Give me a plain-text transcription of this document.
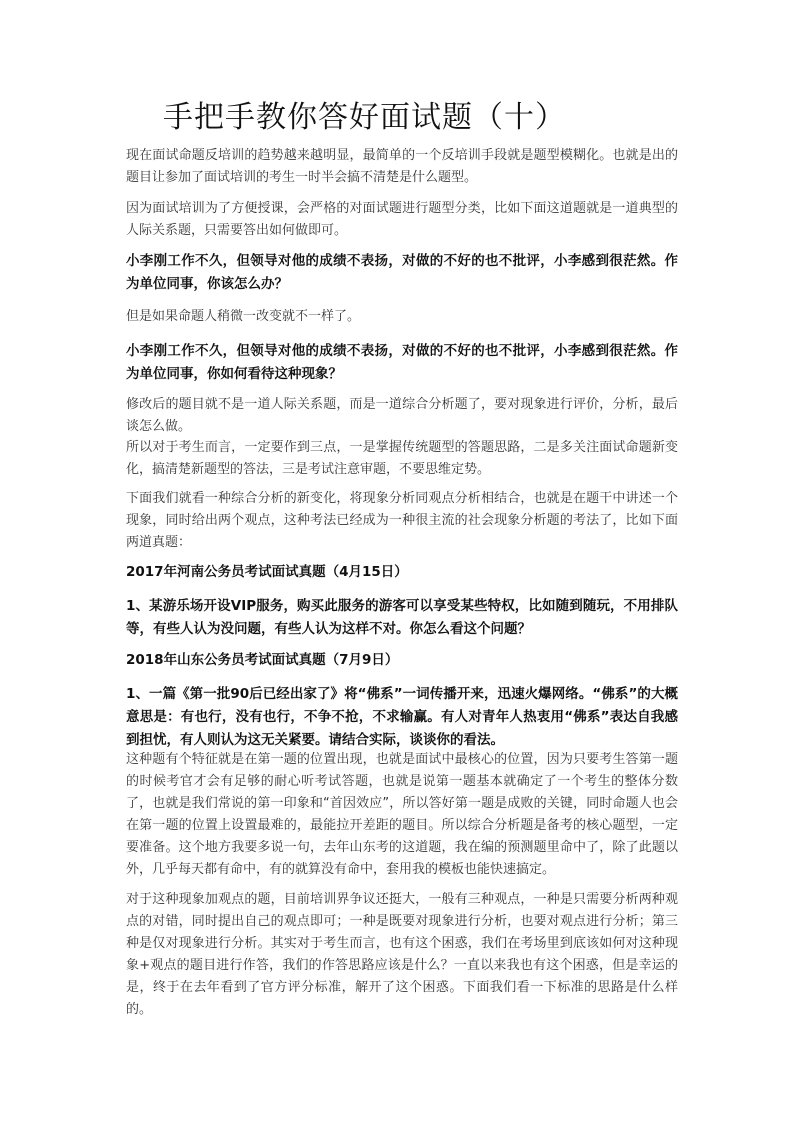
手把手教你答好面试题（十）

现在面试命题反培训的趋势越来越明显，最简单的一个反培训手段就是题型模糊化。也就是出的题目让参加了面试培训的考生一时半会搞不清楚是什么题型。

因为面试培训为了方便授课，会严格的对面试题进行题型分类，比如下面这道题就是一道典型的人际关系题，只需要答出如何做即可。

小李刚工作不久，但领导对他的成绩不表扬，对做的不好的也不批评，小李感到很茫然。作为单位同事，你该怎么办？

但是如果命题人稍微一改变就不一样了。

小李刚工作不久，但领导对他的成绩不表扬，对做的不好的也不批评，小李感到很茫然。作为单位同事，你如何看待这种现象？

修改后的题目就不是一道人际关系题，而是一道综合分析题了，要对现象进行评价，分析，最后谈怎么做。

所以对于考生而言，一定要作到三点，一是掌握传统题型的答题思路，二是多关注面试命题新变化，搞清楚新题型的答法，三是考试注意审题，不要思维定势。

下面我们就看一种综合分析的新变化，将现象分析同观点分析相结合，也就是在题干中讲述一个现象，同时给出两个观点，这种考法已经成为一种很主流的社会现象分析题的考法了，比如下面两道真题：

2017年河南公务员考试面试真题（4月15日）

1、某游乐场开设VIP服务，购买此服务的游客可以享受某些特权，比如随到随玩，不用排队等，有些人认为没问题，有些人认为这样不对。你怎么看这个问题？

2018年山东公务员考试面试真题（7月9日）

1、一篇《第一批90后已经出家了》将“佛系”一词传播开来，迅速火爆网络。“佛系”的大概意思是：有也行，没有也行，不争不抢，不求输赢。有人对青年人热衷用“佛系”表达自我感到担忧，有人则认为这无关紧要。请结合实际，谈谈你的看法。

这种题有个特征就是在第一题的位置出现，也就是面试中最核心的位置，因为只要考生答第一题的时候考官才会有足够的耐心听考试答题，也就是说第一题基本就确定了一个考生的整体分数了，也就是我们常说的第一印象和“首因效应”，所以答好第一题是成败的关键，同时命题人也会在第一题的位置上设置最难的，最能拉开差距的题目。所以综合分析题是备考的核心题型，一定要准备。这个地方我要多说一句，去年山东考的这道题，我在编的预测题里命中了，除了此题以外，几乎每天都有命中，有的就算没有命中，套用我的模板也能快速搞定。

对于这种现象加观点的题，目前培训界争议还挺大，一般有三种观点，一种是只需要分析两种观点的对错，同时提出自己的观点即可；一种是既要对现象进行分析，也要对观点进行分析；第三种是仅对现象进行分析。其实对于考生而言，也有这个困惑，我们在考场里到底该如何对这种现象+观点的题目进行作答，我们的作答思路应该是什么？一直以来我也有这个困惑，但是幸运的是，终于在去年看到了官方评分标准，解开了这个困惑。下面我们看一下标准的思路是什么样的。
